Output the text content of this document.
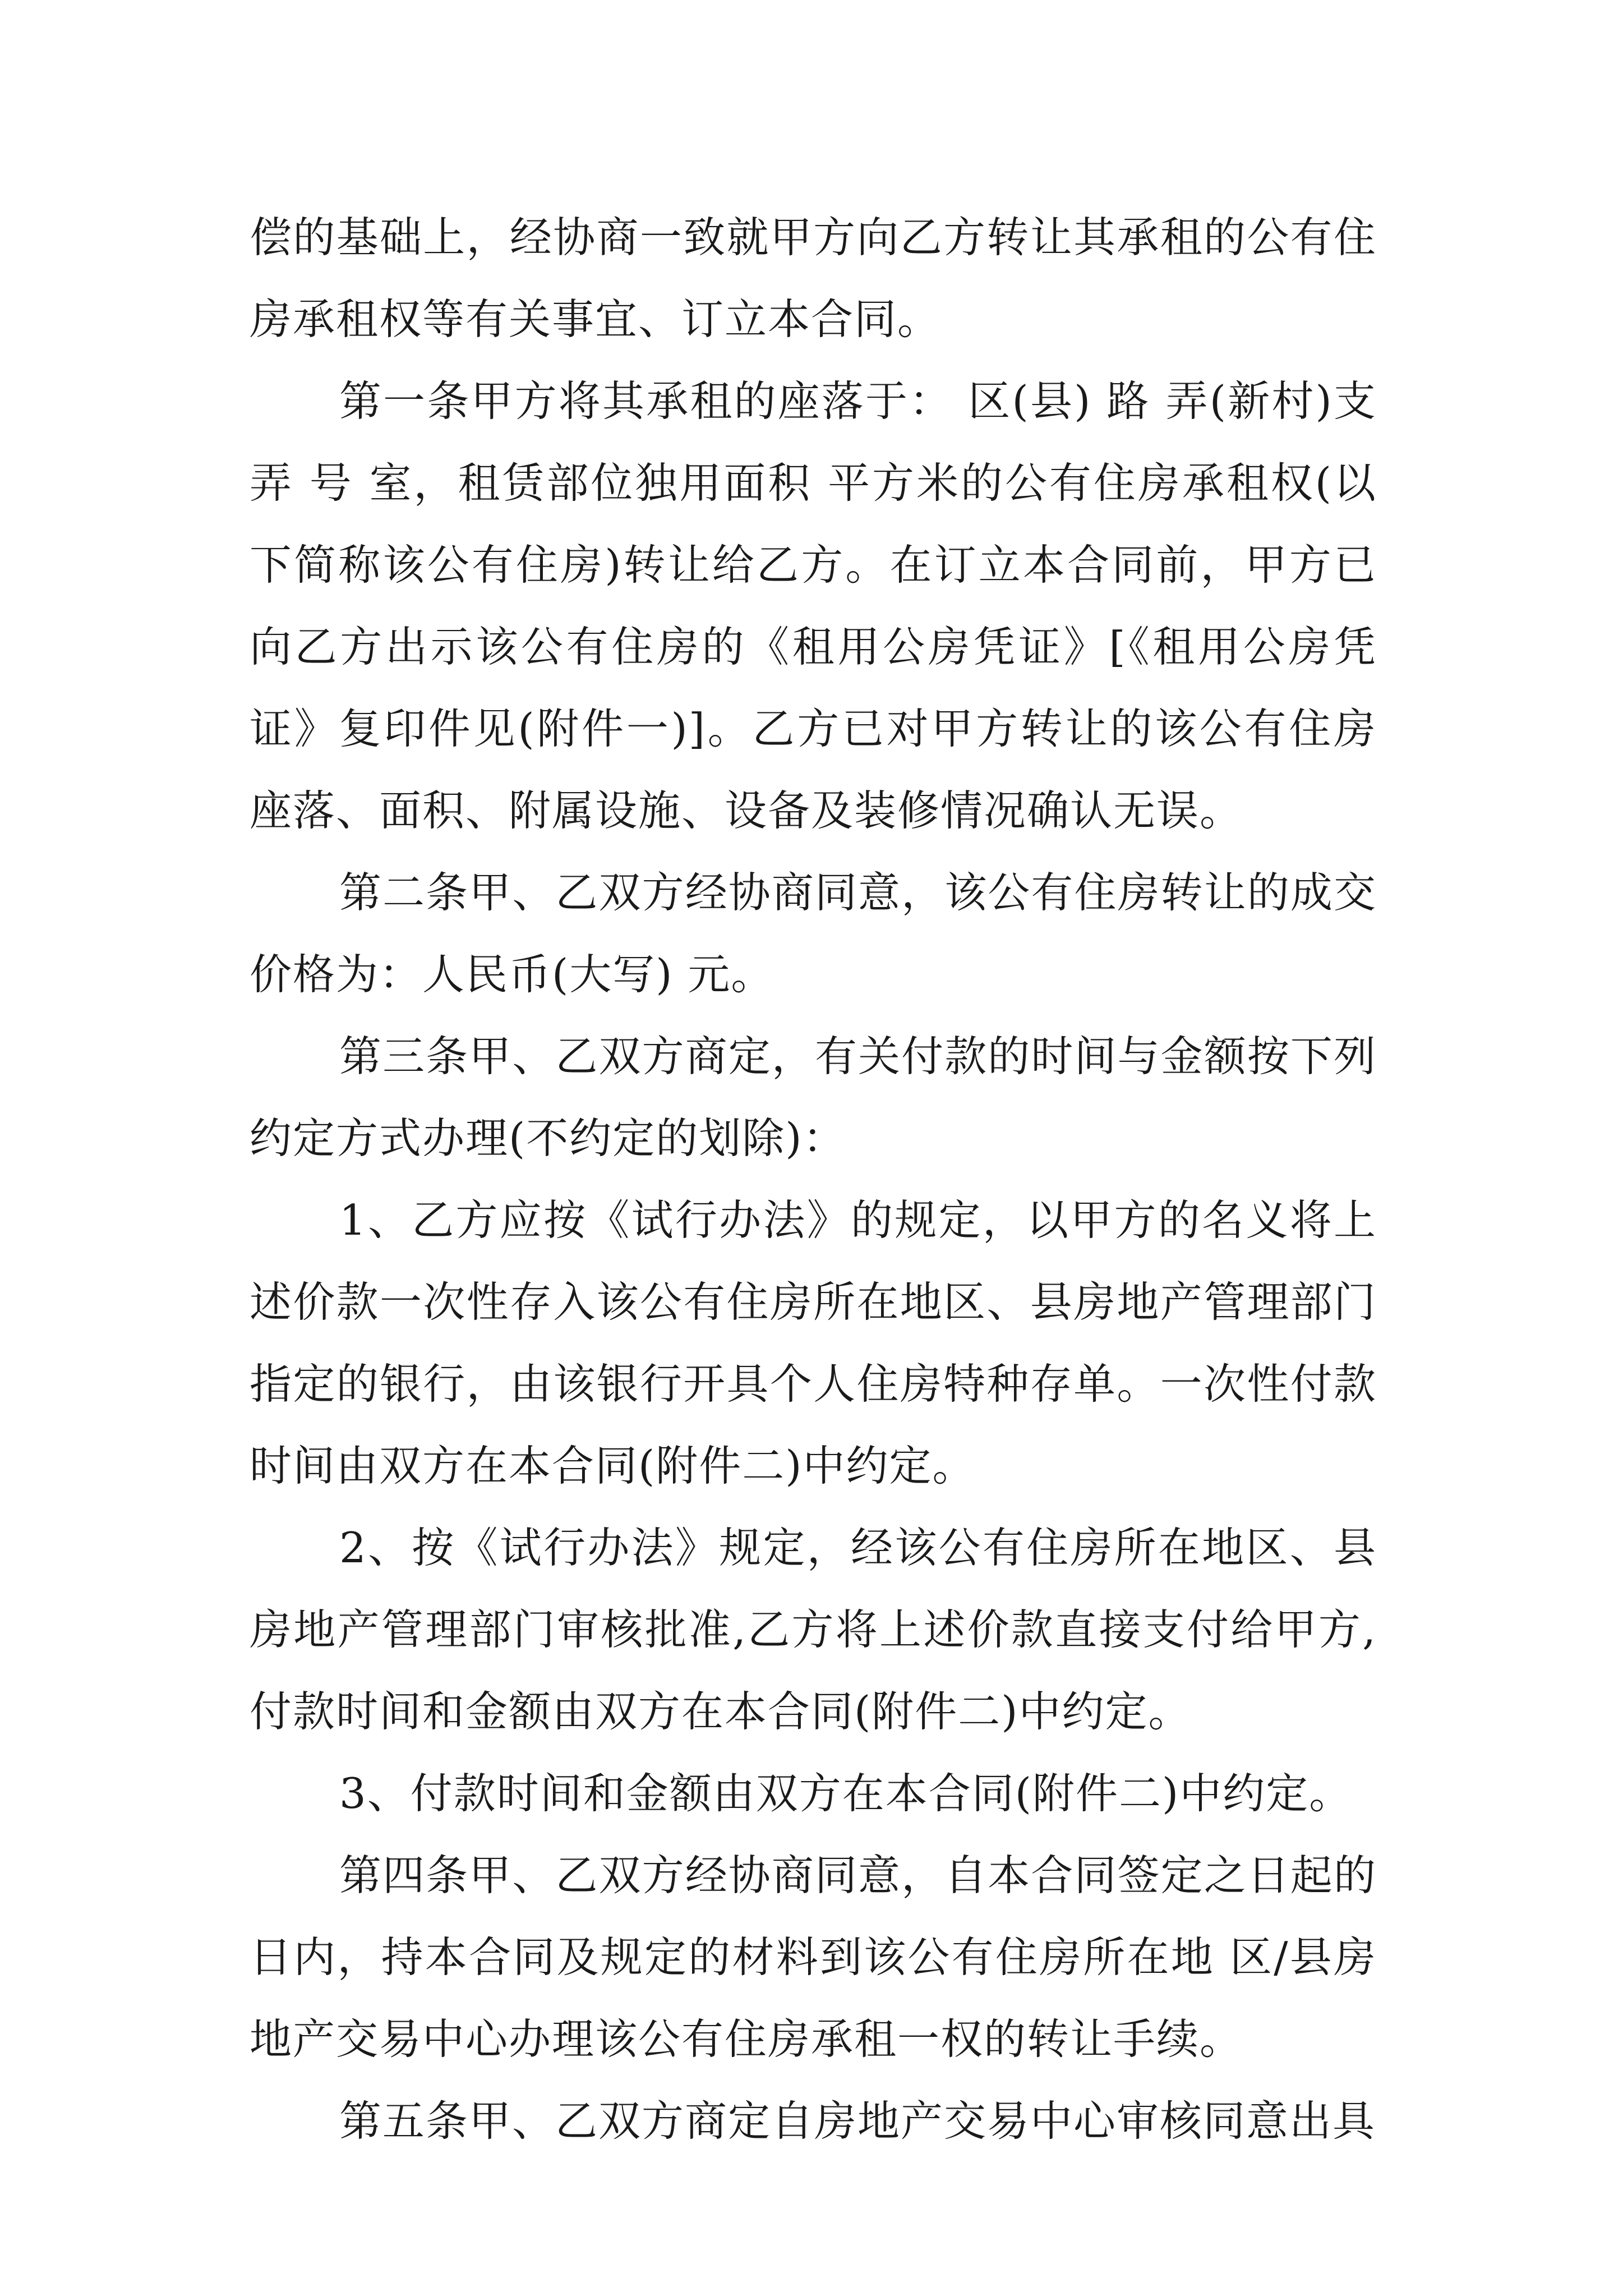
偿的基础上，经协商一致就甲方向乙方转让其承租的公有住房承租权等有关事宜、订立本合同。

第一条甲方将其承租的座落于： 区(县) 路 弄(新村)支弄 号 室，租赁部位独用面积 平方米的公有住房承租权(以下简称该公有住房)转让给乙方。在订立本合同前，甲方已向乙方出示该公有住房的《租用公房凭证》[《租用公房凭证》复印件见(附件一)]。乙方已对甲方转让的该公有住房座落、面积、附属设施、设备及装修情况确认无误。

第二条甲、乙双方经协商同意，该公有住房转让的成交价格为：人民币(大写) 元。

第三条甲、乙双方商定，有关付款的时间与金额按下列约定方式办理(不约定的划除)：

1、乙方应按《试行办法》的规定，以甲方的名义将上述价款一次性存入该公有住房所在地区、县房地产管理部门指定的银行，由该银行开具个人住房特种存单。一次性付款时间由双方在本合同(附件二)中约定。

2、按《试行办法》规定，经该公有住房所在地区、县房地产管理部门审核批准,乙方将上述价款直接支付给甲方,付款时间和金额由双方在本合同(附件二)中约定。

3、付款时间和金额由双方在本合同(附件二)中约定。

第四条甲、乙双方经协商同意，自本合同签定之日起的日内，持本合同及规定的材料到该公有住房所在地 区/县房地产交易中心办理该公有住房承租一权的转让手续。

第五条甲、乙双方商定自房地产交易中心审核同意出具
